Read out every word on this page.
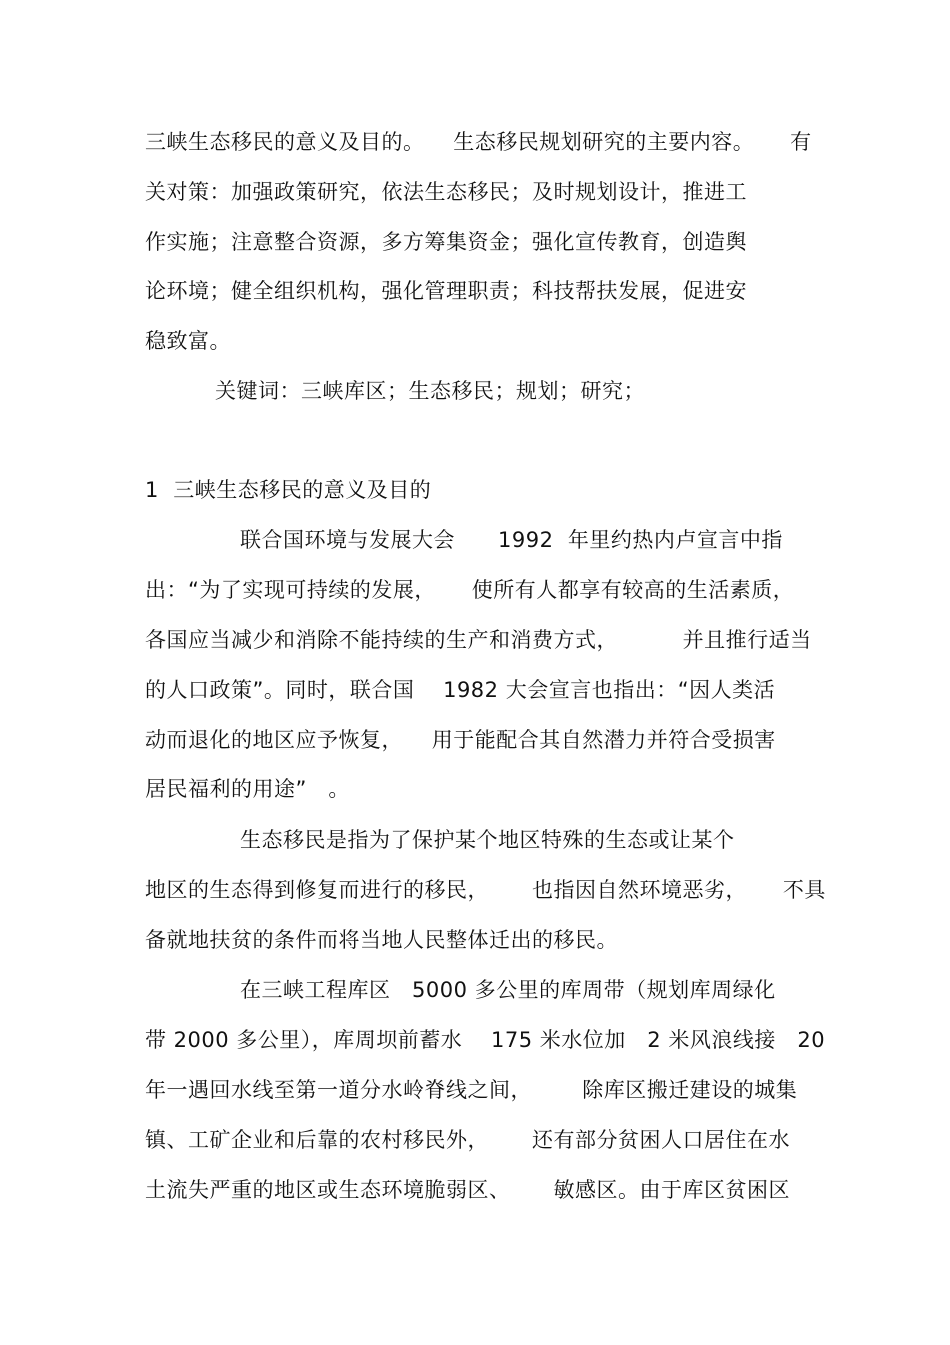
三峡生态移民的意义及目的。    生态移民规划研究的主要内容。     有
关对策：加强政策研究，依法生态移民；及时规划设计，推进工
作实施；注意整合资源，多方筹集资金；强化宣传教育，创造舆
论环境；健全组织机构，强化管理职责；科技帮扶发展，促进安
稳致富。
关键词：三峡库区；生态移民；规划；研究；
1  三峡生态移民的意义及目的
联合国环境与发展大会      1992  年里约热内卢宣言中指
出：“为了实现可持续的发展，     使所有人都享有较高的生活素质，
各国应当减少和消除不能持续的生产和消费方式，         并且推行适当
的人口政策”。同时，联合国    1982 大会宣言也指出：“因人类活
动而退化的地区应予恢复，    用于能配合其自然潜力并符合受损害
居民福利的用途”   。
生态移民是指为了保护某个地区特殊的生态或让某个
地区的生态得到修复而进行的移民，      也指因自然环境恶劣，     不具
备就地扶贫的条件而将当地人民整体迁出的移民。
在三峡工程库区   5000 多公里的库周带（规划库周绿化
带 2000 多公里），库周坝前蓄水    175 米水位加   2 米风浪线接   20
年一遇回水线至第一道分水岭脊线之间，       除库区搬迁建设的城集
镇、工矿企业和后靠的农村移民外，      还有部分贫困人口居住在水
土流失严重的地区或生态环境脆弱区、      敏感区。由于库区贫困区
